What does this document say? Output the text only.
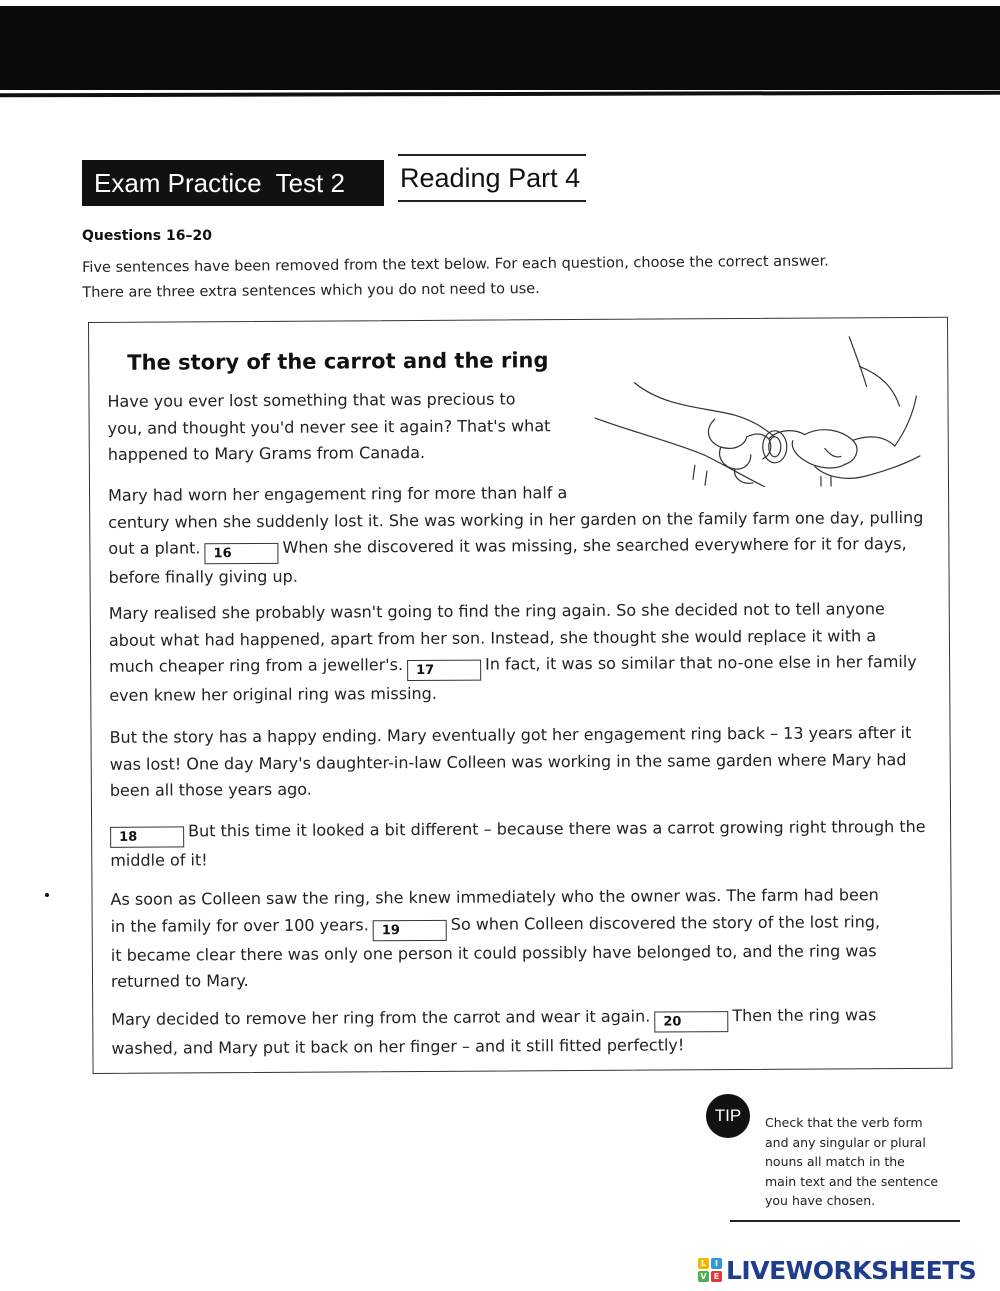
Exam Practice  Test 2	Reading Part 4
Questions 16–20

Five sentences have been removed from the text below. For each question, choose the correct answer.

There are three extra sentences which you do not need to use.

The story of the carrot and the ring

Have you ever lost something that was precious to

you, and thought you'd never see it again? That's what

happened to Mary Grams from Canada.

Mary had worn her engagement ring for more than half a

century when she suddenly lost it. She was working in her garden on the family farm one day, pulling

out a plant. 16	When she discovered it was missing, she searched everywhere for it for days,

before finally giving up.

Mary realised she probably wasn't going to find the ring again. So she decided not to tell anyone

about what had happened, apart from her son. Instead, she thought she would replace it with a

much cheaper ring from a jeweller's. 17	In fact, it was so similar that no-one else in her family

even knew her original ring was missing.

But the story has a happy ending. Mary eventually got her engagement ring back – 13 years after it

was lost! One day Mary's daughter-in-law Colleen was working in the same garden where Mary had

been all those years ago.

18	But this time it looked a bit different – because there was a carrot growing right through the

middle of it!

As soon as Colleen saw the ring, she knew immediately who the owner was. The farm had been

in the family for over 100 years. 19	So when Colleen discovered the story of the lost ring,

it became clear there was only one person it could possibly have belonged to, and the ring was

returned to Mary.

Mary decided to remove her ring from the carrot and wear it again. 20	Then the ring was

washed, and Mary put it back on her finger – and it still fitted perfectly!

TIP	Check that the verb form
and any singular or plural
nouns all match in the
main text and the sentence
you have chosen.
L	I
V E LIVEWORKSHEETS
